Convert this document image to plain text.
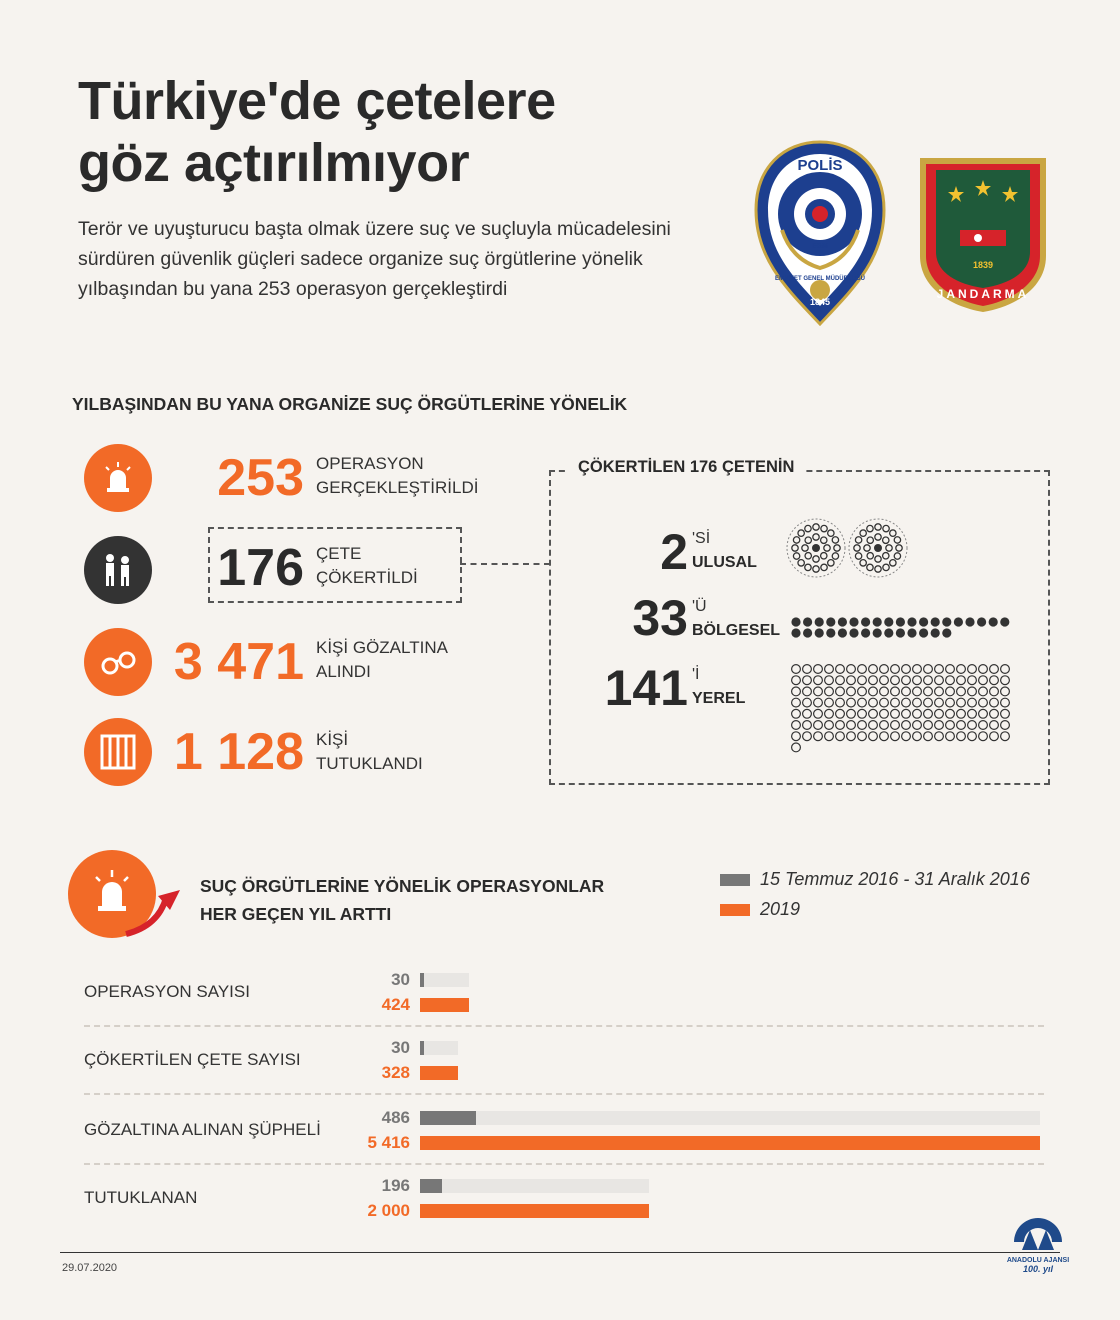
Türkiye'de çetelere
göz açtırılmıyor
Terör ve uyuşturucu başta olmak üzere suç ve suçluyla mücadelesini sürdüren güvenlik güçleri sadece organize suç örgütlerine yönelik yılbaşından bu yana 253 operasyon gerçekleştirdi
POLİS
EGM
EMNİYET GENEL MÜDÜRLÜĞÜ
1845
1839
JANDARMA
YILBAŞINDAN BU YANA ORGANİZE SUÇ ÖRGÜTLERİNE YÖNELİK
253 OPERASYON
GERÇEKLEŞTİRİLDİ
176 ÇETE
ÇÖKERTİLDİ
3 471 KİŞİ GÖZALTINA
ALINDI
1 128 KİŞİ
TUTUKLANDI
ÇÖKERTİLEN 176 ÇETENİN
2 'Sİ
ULUSAL
33 'Ü
BÖLGESEL
141 'İ
YEREL
SUÇ ÖRGÜTLERİNE YÖNELİK OPERASYONLAR
HER GEÇEN YIL ARTTI
15 Temmuz 2016 - 31 Aralık 2016
2019
OPERASYON SAYISI
30
424
ÇÖKERTİLEN ÇETE SAYISI
30
328
GÖZALTINA ALINAN ŞÜPHELİ
486
5 416
TUTUKLANAN
196
2 000
29.07.2020
ANADOLU AJANSI
100. yıl
